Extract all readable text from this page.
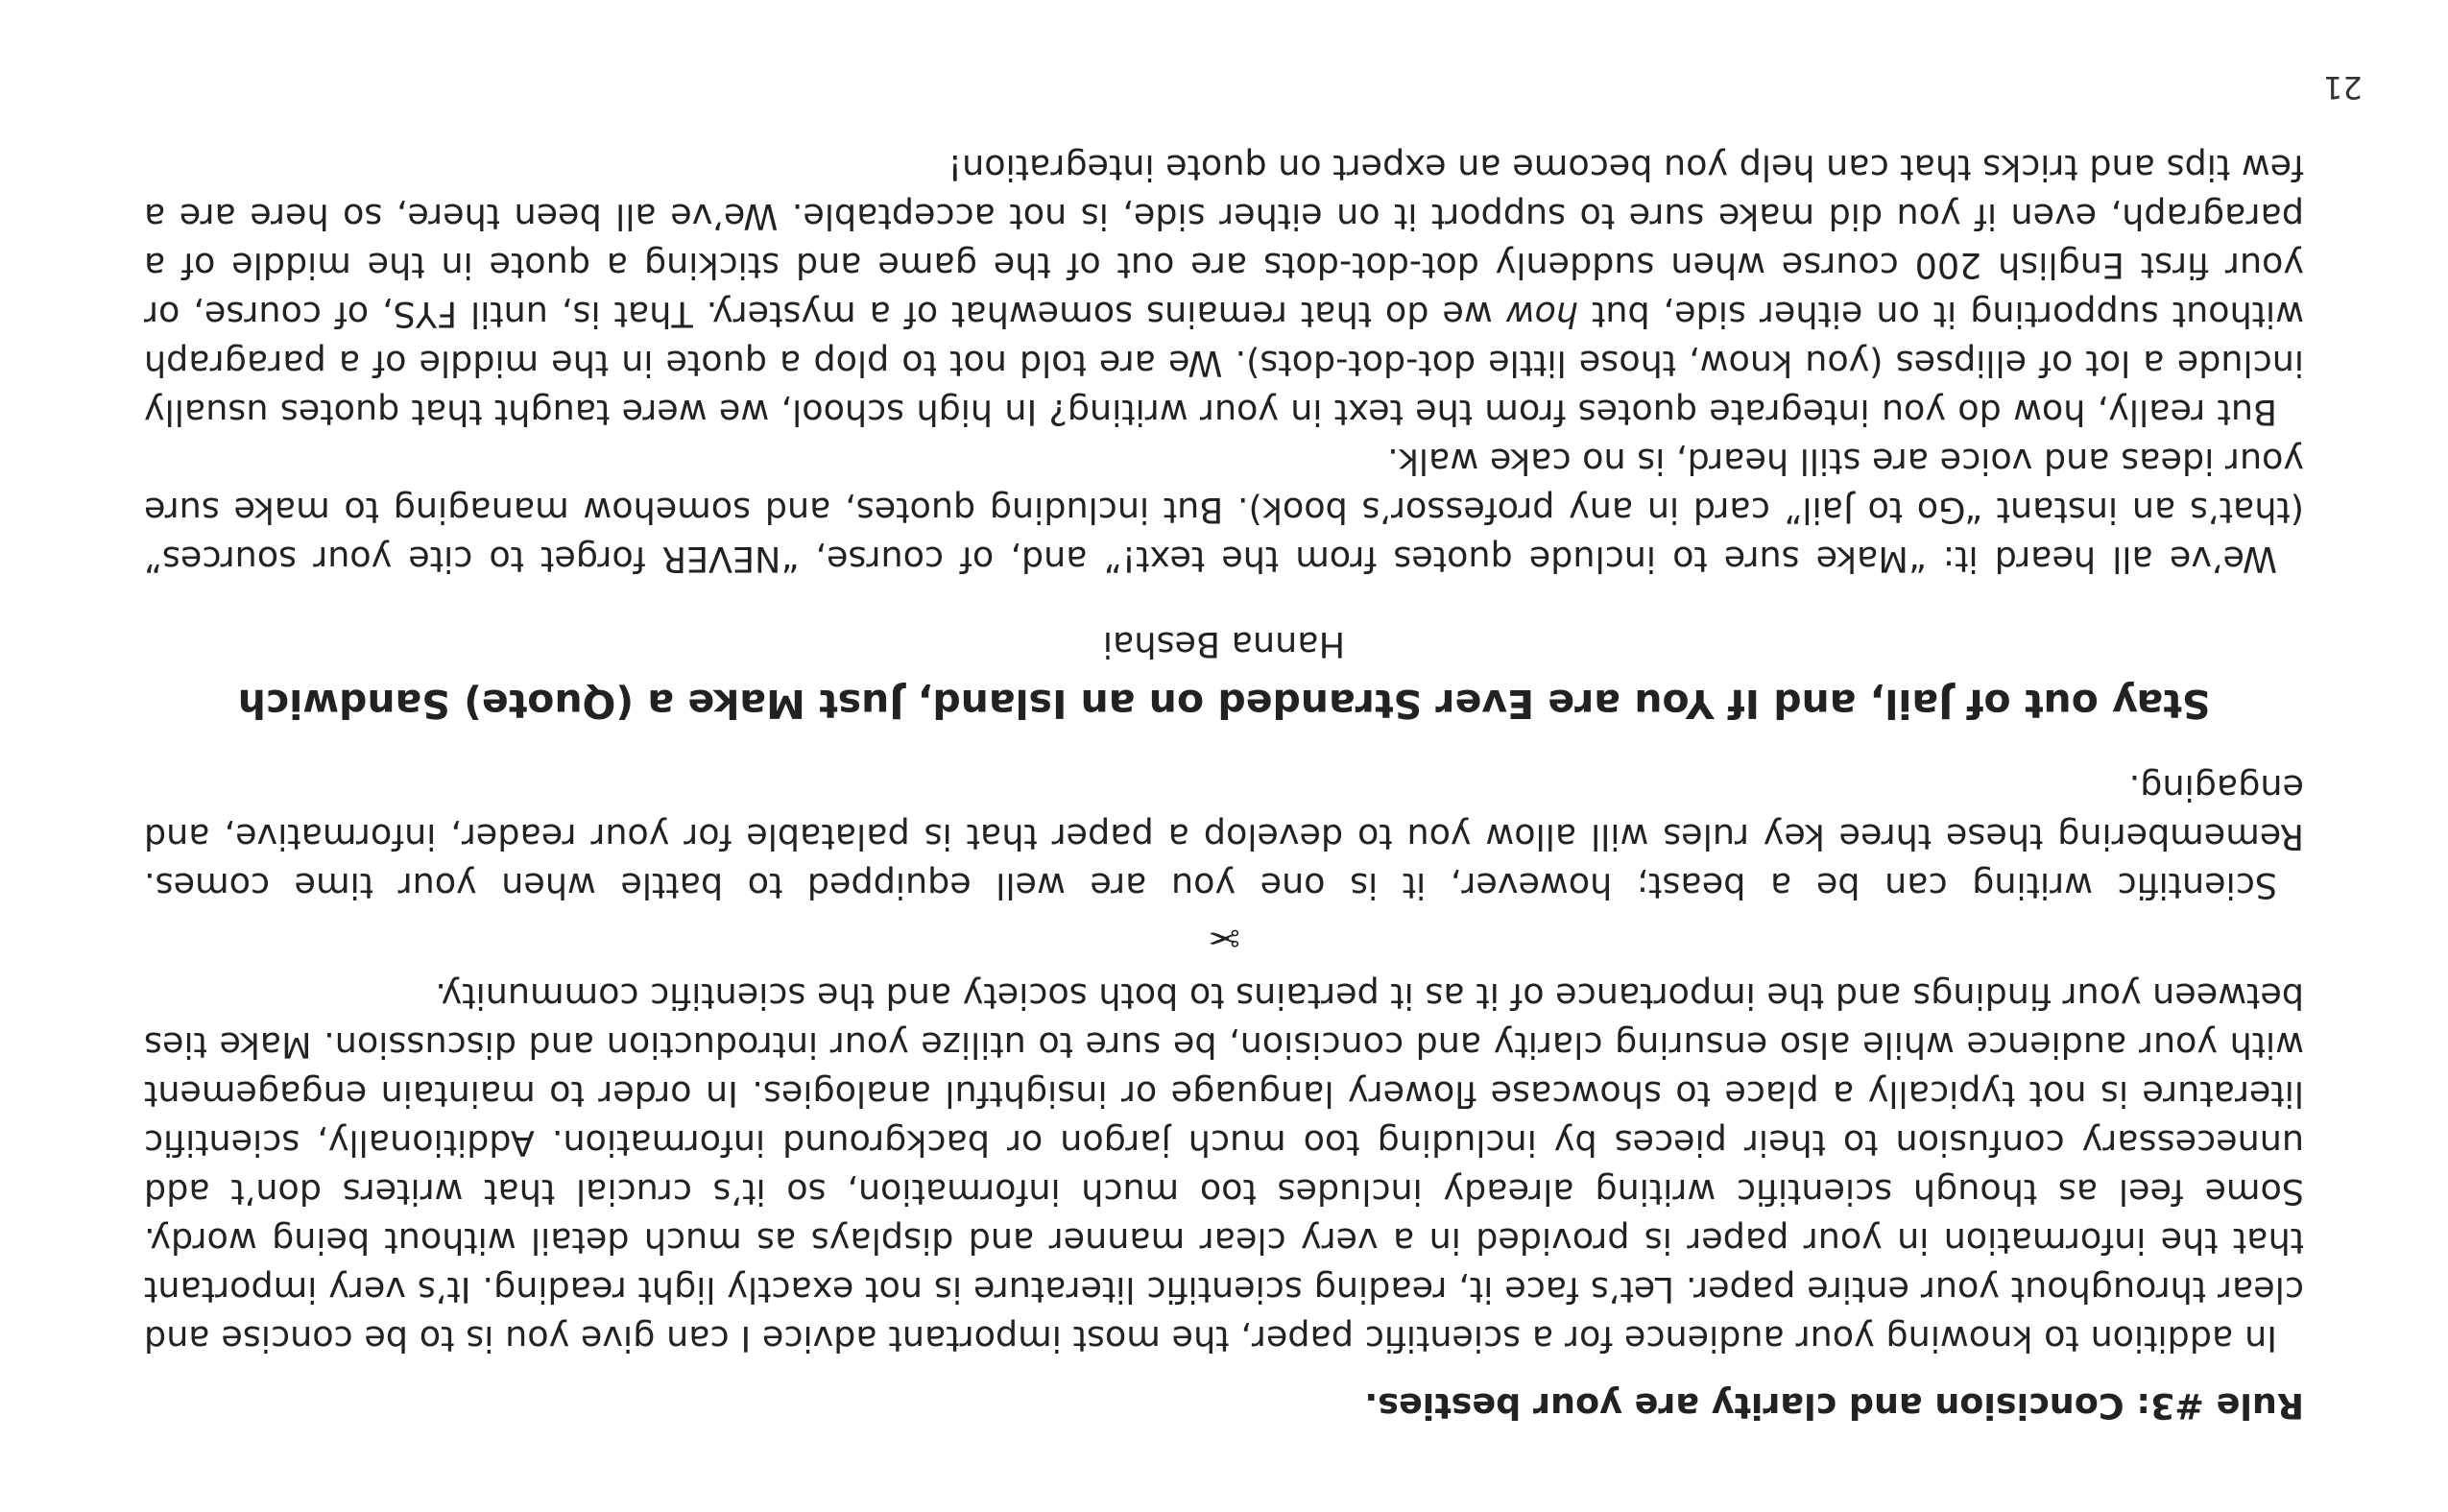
Rule #3: Concision and clarity are your besties.

In addition to knowing your audience for a scientific paper, the most important advice I can give you is to be concise and clear throughout your entire paper. Let’s face it, reading scientific literature is not exactly light reading. It’s very important that the information in your paper is provided in a very clear manner and displays as much detail without being wordy. Some feel as though scientific writing already includes too much information, so it’s crucial that writers don’t add unnecessary confusion to their pieces by including too much jargon or background information. Additionally, scientific literature is not typically a place to showcase flowery language or insightful analogies. In order to maintain engagement with your audience while also ensuring clarity and concision, be sure to utilize your introduction and discussion. Make ties between your findings and the importance of it as it pertains to both society and the scientific community.

✂

Scientific writing can be a beast; however, it is one you are well equipped to battle when your time comes. Remembering these three key rules will allow you to develop a paper that is palatable for your reader, informative, and engaging.

Stay out of Jail, and If You are Ever Stranded on an Island, Just Make a (Quote) Sandwich
Hanna Beshai

We’ve all heard it: “Make sure to include quotes from the text!” and, of course, “NEVER forget to cite your sources” (that’s an instant “Go to Jail” card in any professor’s book). But including quotes, and somehow managing to make sure your ideas and voice are still heard, is no cake walk.

But really, how do you integrate quotes from the text in your writing? In high school, we were taught that quotes usually include a lot of ellipses (you know, those little dot-dot-dots). We are told not to plop a quote in the middle of a paragraph without supporting it on either side, but how we do that remains somewhat of a mystery. That is, until FYS, of course, or your first English 200 course when suddenly dot-dot-dots are out of the game and sticking a quote in the middle of a paragraph, even if you did make sure to support it on either side, is not acceptable. We’ve all been there, so here are a few tips and tricks that can help you become an expert on quote integration!

21
